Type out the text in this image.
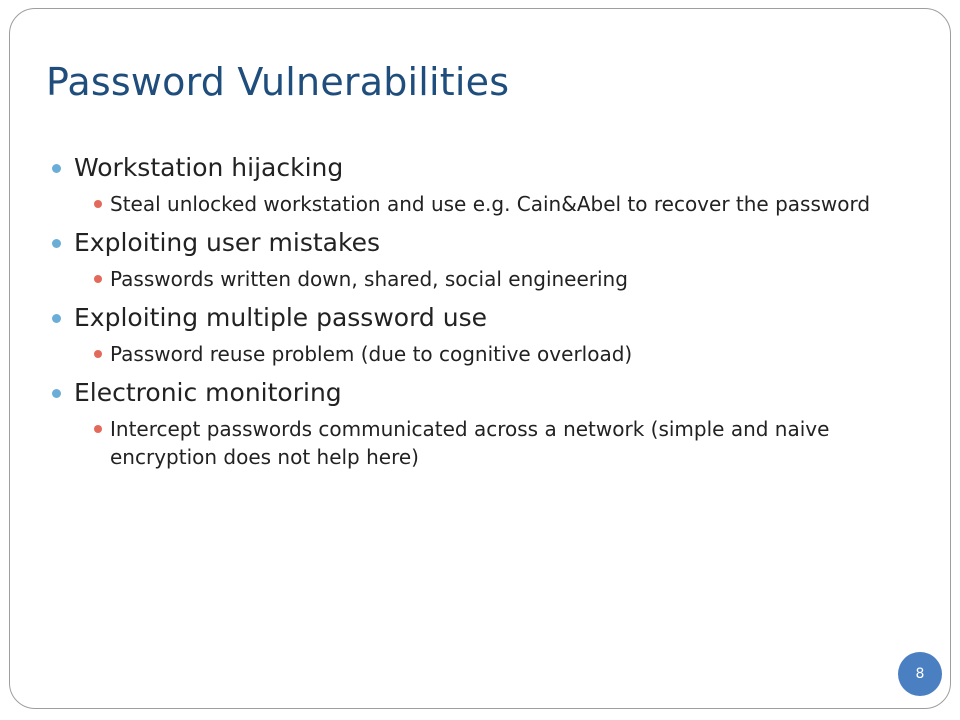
Password Vulnerabilities
Workstation hijacking
Steal unlocked workstation and use e.g. Cain&Abel to recover the password
Exploiting user mistakes
Passwords written down, shared, social engineering
Exploiting multiple password use
Password reuse problem (due to cognitive overload)
Electronic monitoring
Intercept passwords communicated across a network (simple and naive encryption does not help here)
8
